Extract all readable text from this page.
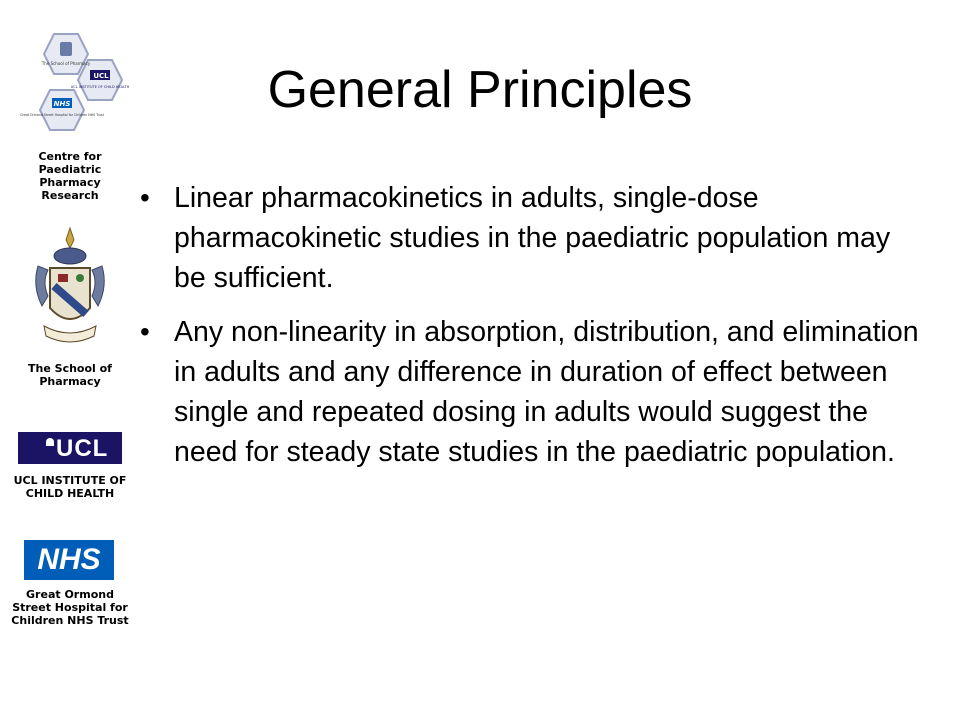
The School of Pharmacy
UCL
UCL INSTITUTE OF CHILD HEALTH
NHS
Great Ormond Street Hospital for Children NHS Trust
Centre for Paediatric Pharmacy Research
The School of Pharmacy
UCL
UCL INSTITUTE OF CHILD HEALTH
NHS
Great Ormond Street Hospital for Children NHS Trust
General Principles
• Linear pharmacokinetics in adults, single-dose pharmacokinetic studies in the paediatric population may be sufficient.
• Any non-linearity in absorption, distribution, and elimination in adults and any difference in duration of effect between single and repeated dosing in adults would suggest the need for steady state studies in the paediatric population.
